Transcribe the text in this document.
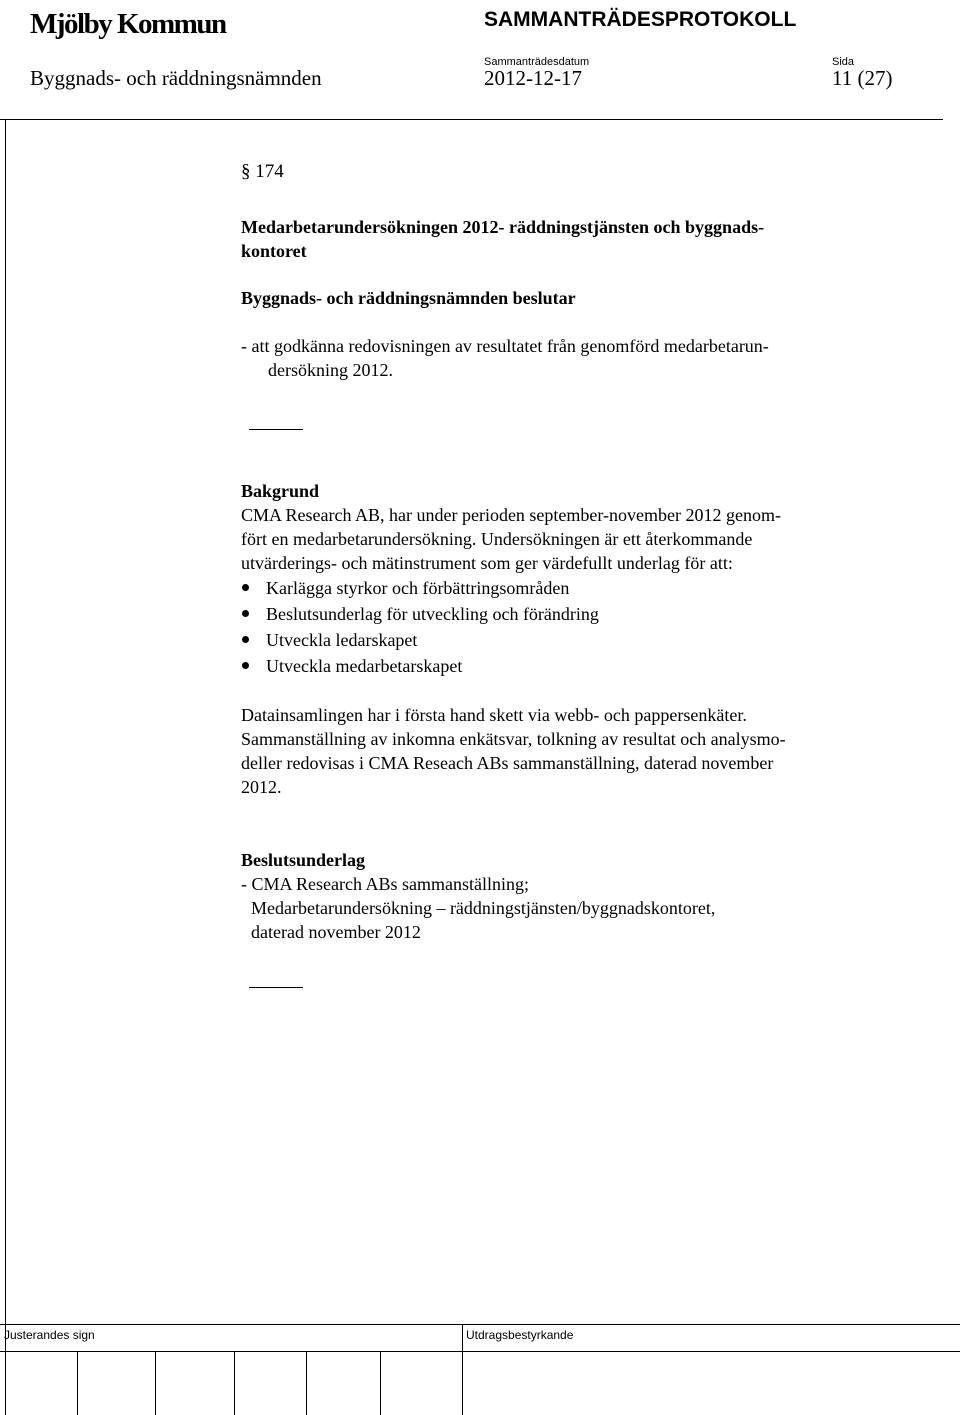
Mjölby Kommun	SAMMANTRÄDESPROTOKOLL
Byggnads- och räddningsnämnden
Sammanträdesdatum
2012-12-17
Sida
11 (27)
§ 174
Medarbetarundersökningen 2012- räddningstjänsten och byggnads-
kontoret
Byggnads- och räddningsnämnden beslutar
- att godkänna redovisningen av resultatet från genomförd medarbetarun-
dersökning 2012.
Bakgrund
CMA Research AB, har under perioden september-november 2012 genom-
fört en medarbetarundersökning. Undersökningen är ett återkommande
utvärderings- och mätinstrument som ger värdefullt underlag för att:
Karlägga styrkor och förbättringsområden
Beslutsunderlag för utveckling och förändring
Utveckla ledarskapet
Utveckla medarbetarskapet
Datainsamlingen har i första hand skett via webb- och pappersenkäter.
Sammanställning av inkomna enkätsvar, tolkning av resultat och analysmo-
deller redovisas i CMA Reseach ABs sammanställning, daterad november
2012.
Beslutsunderlag
- CMA Research ABs sammanställning;
Medarbetarundersökning – räddningstjänsten/byggnadskontoret,
daterad november 2012
Justerandes sign	Utdragsbestyrkande
